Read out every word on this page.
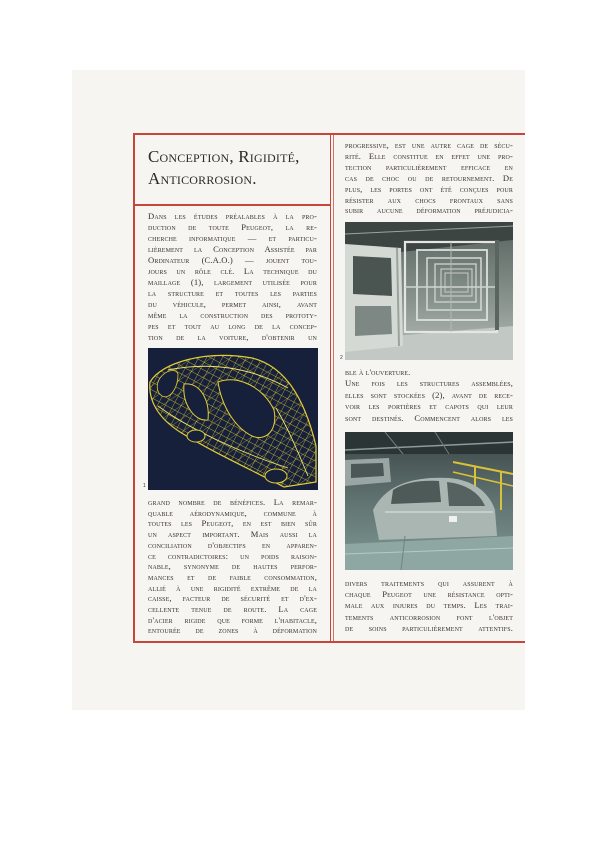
Conception, Rigidité,
Anticorrosion.
Dans les études préalables à la pro-
duction de toute Peugeot, la re-
cherche informatique — et particu-
lièrement la Conception Assistée par
Ordinateur (C.A.O.) — jouent tou-
jours un rôle clé. La technique du
maillage (1), largement utilisée pour
la structure et toutes les parties
du véhicule, permet ainsi, avant
même la construction des prototy-
pes et tout au long de la concep-
tion de la voiture, d'obtenir un
1
grand nombre de bénéfices. La remar-
quable aérodynamique, commune à
toutes les Peugeot, en est bien sûr
un aspect important. Mais aussi la
conciliation d'objectifs en apparen-
ce contradictoires: un poids raison-
nable, synonyme de hautes perfor-
mances et de faible consommation,
allié à une rigidité extrême de la
caisse, facteur de sécurité et d'ex-
cellente tenue de route. La cage
d'acier rigide que forme l'habitacle,
entourée de zones à déformation
progressive, est une autre cage de sécu-
rité. Elle constitue en effet une pro-
tection particulièrement efficace en
cas de choc ou de retournement. De
plus, les portes ont été conçues pour
résister aux chocs frontaux sans
subir aucune déformation préjudicia-
2
ble à l'ouverture.
Une fois les structures assemblées,
elles sont stockées (2), avant de rece-
voir les portières et capots qui leur
sont destinés. Commencent alors les
divers traitements qui assurent à
chaque Peugeot une résistance opti-
male aux injures du temps. Les trai-
tements anticorrosion font l'objet
de soins particulièrement attentifs.
